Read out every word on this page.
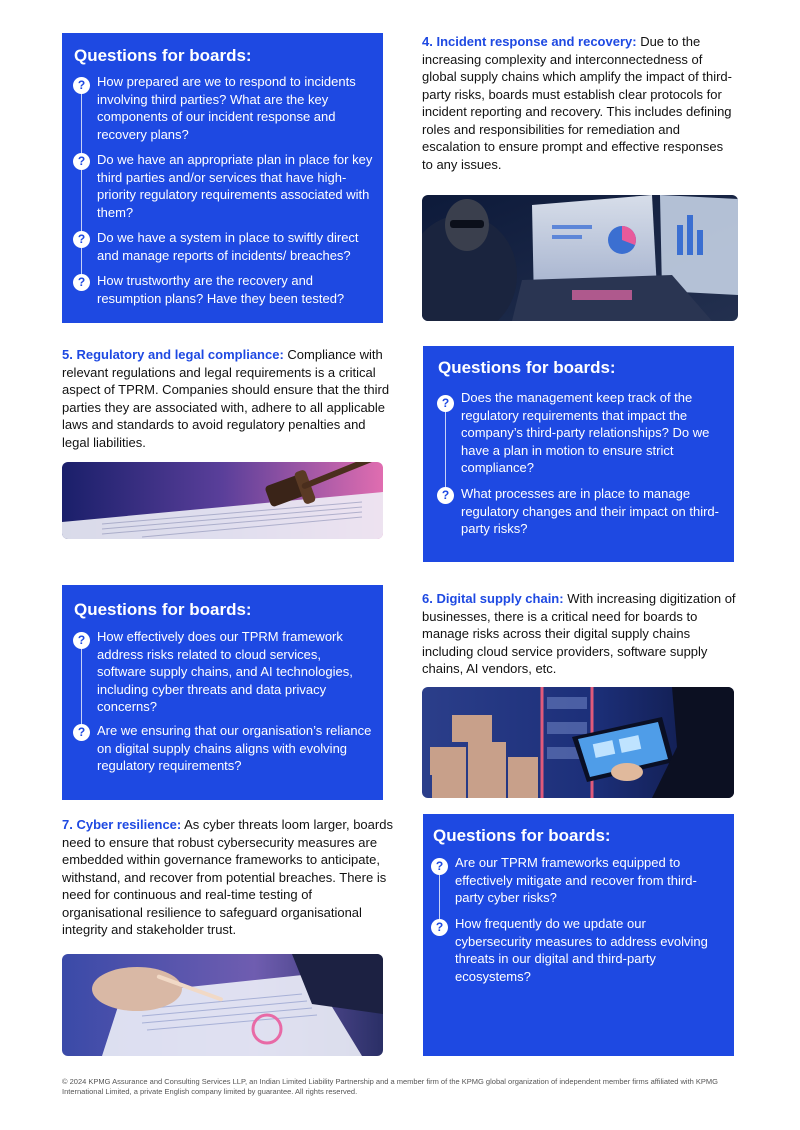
Questions for boards:
? How prepared are we to respond to incidents involving third parties? What are the key components of our incident response and recovery plans?
? Do we have an appropriate plan in place for key third parties and/or services that have high-priority regulatory requirements associated with them?
? Do we have a system in place to swiftly direct and manage reports of incidents/ breaches?
? How trustworthy are the recovery and resumption plans? Have they been tested?

4. Incident response and recovery: Due to the increasing complexity and interconnectedness of global supply chains which amplify the impact of third-party risks, boards must establish clear protocols for incident reporting and recovery. This includes defining roles and responsibilities for remediation and escalation to ensure prompt and effective responses to any issues.

5. Regulatory and legal compliance: Compliance with relevant regulations and legal requirements is a critical aspect of TPRM. Companies should ensure that the third parties they are associated with, adhere to all applicable laws and standards to avoid regulatory penalties and legal liabilities.

Questions for boards:
? Does the management keep track of the regulatory requirements that impact the company’s third-party relationships? Do we have a plan in motion to ensure strict compliance?
? What processes are in place to manage regulatory changes and their impact on third-party risks?
Questions for boards:
? How effectively does our TPRM framework address risks related to cloud services, software supply chains, and AI technologies, including cyber threats and data privacy concerns?
? Are we ensuring that our organisation’s reliance on digital supply chains aligns with evolving regulatory requirements?

6. Digital supply chain: With increasing digitization of businesses, there is a critical need for boards to manage risks across their digital supply chains including cloud service providers, software supply chains, AI vendors, etc.

7. Cyber resilience: As cyber threats loom larger, boards need to ensure that robust cybersecurity measures are embedded within governance frameworks to anticipate, withstand, and recover from potential breaches. There is need for continuous and real-time testing of organisational resilience to safeguard organisational integrity and stakeholder trust.

Questions for boards:
? Are our TPRM frameworks equipped to effectively mitigate and recover from third-party cyber risks?
? How frequently do we update our cybersecurity measures to address evolving threats in our digital and third-party ecosystems?
© 2024 KPMG Assurance and Consulting Services LLP, an Indian Limited Liability Partnership and a member firm of the KPMG global organization of independent member firms affiliated with KPMG International Limited, a private English company limited by guarantee. All rights reserved.
